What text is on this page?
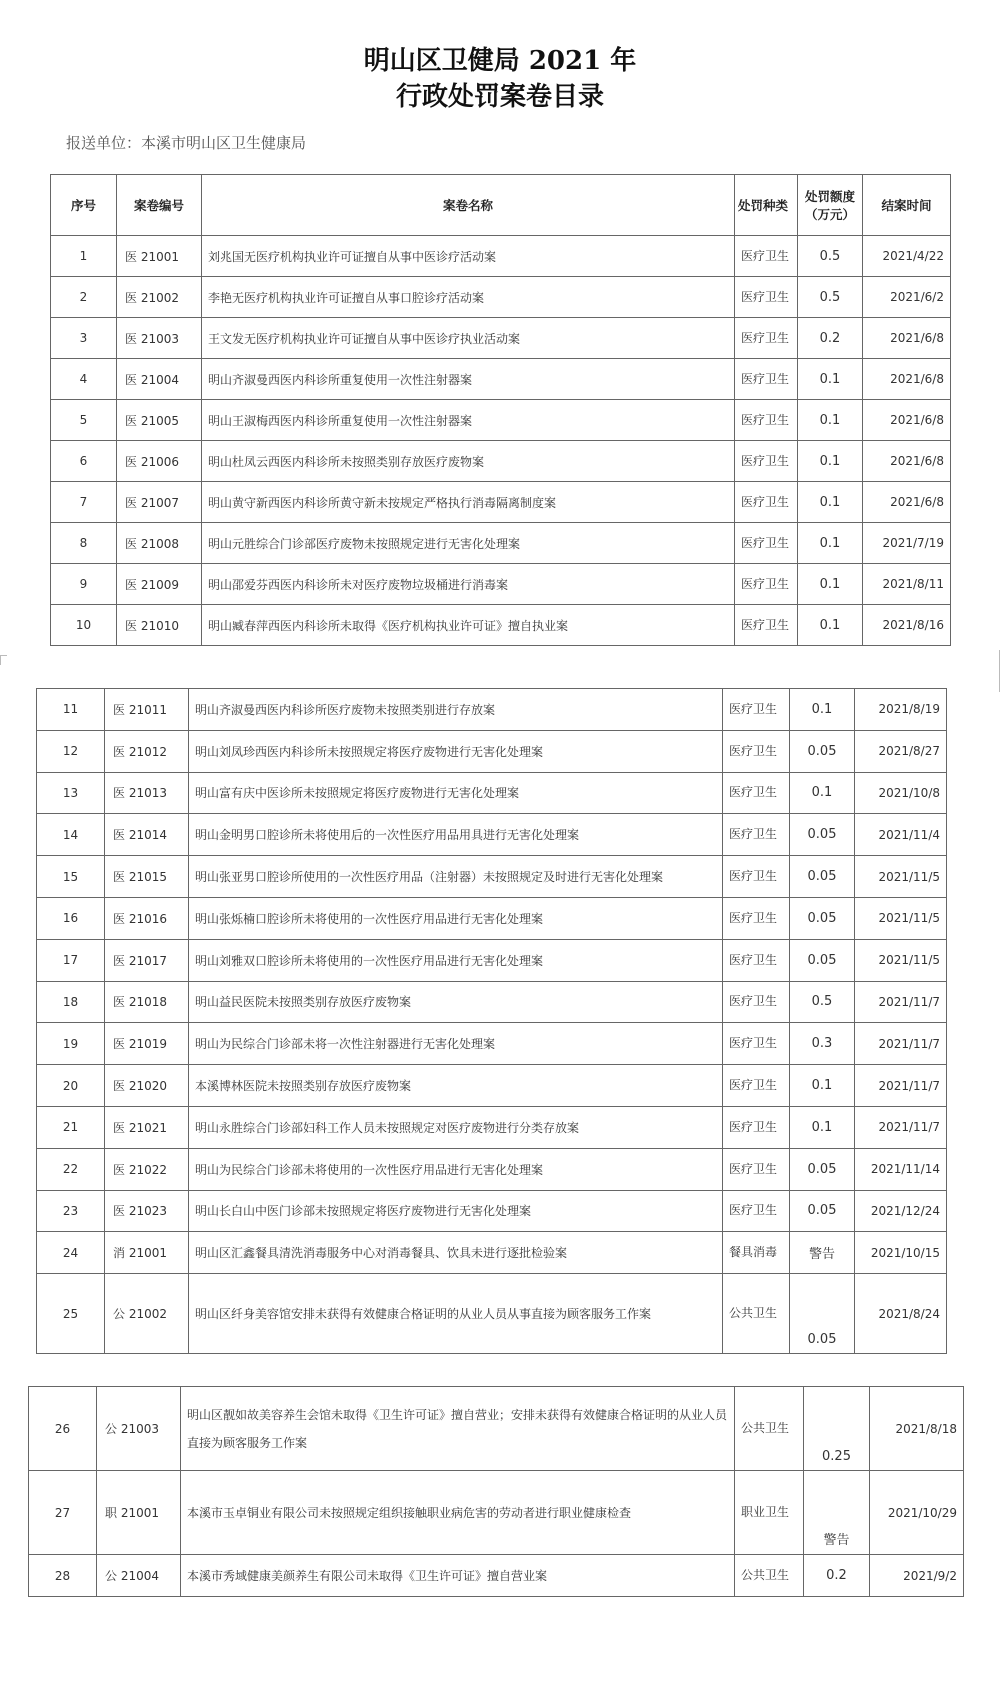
明山区卫健局 2021 年
行政处罚案卷目录
报送单位：本溪市明山区卫生健康局
序号	案卷编号	案卷名称	处罚种类	处罚额度（万元）	结案时间
1	医 21001	刘兆国无医疗机构执业许可证擅自从事中医诊疗活动案	医疗卫生	0.5	2021/4/22
2	医 21002	李艳无医疗机构执业许可证擅自从事口腔诊疗活动案	医疗卫生	0.5	2021/6/2
3	医 21003	王文发无医疗机构执业许可证擅自从事中医诊疗执业活动案	医疗卫生	0.2	2021/6/8
4	医 21004	明山齐淑曼西医内科诊所重复使用一次性注射器案	医疗卫生	0.1	2021/6/8
5	医 21005	明山王淑梅西医内科诊所重复使用一次性注射器案	医疗卫生	0.1	2021/6/8
6	医 21006	明山杜凤云西医内科诊所未按照类别存放医疗废物案	医疗卫生	0.1	2021/6/8
7	医 21007	明山黄守新西医内科诊所黄守新未按规定严格执行消毒隔离制度案	医疗卫生	0.1	2021/6/8
8	医 21008	明山元胜综合门诊部医疗废物未按照规定进行无害化处理案	医疗卫生	0.1	2021/7/19
9	医 21009	明山邵爱芬西医内科诊所未对医疗废物垃圾桶进行消毒案	医疗卫生	0.1	2021/8/11
10	医 21010	明山臧春萍西医内科诊所未取得《医疗机构执业许可证》擅自执业案	医疗卫生	0.1	2021/8/16
11	医 21011	明山齐淑曼西医内科诊所医疗废物未按照类别进行存放案	医疗卫生	0.1	2021/8/19
12	医 21012	明山刘凤珍西医内科诊所未按照规定将医疗废物进行无害化处理案	医疗卫生	0.05	2021/8/27
13	医 21013	明山富有庆中医诊所未按照规定将医疗废物进行无害化处理案	医疗卫生	0.1	2021/10/8
14	医 21014	明山金明男口腔诊所未将使用后的一次性医疗用品用具进行无害化处理案	医疗卫生	0.05	2021/11/4
15	医 21015	明山张亚男口腔诊所使用的一次性医疗用品（注射器）未按照规定及时进行无害化处理案	医疗卫生	0.05	2021/11/5
16	医 21016	明山张烁楠口腔诊所未将使用的一次性医疗用品进行无害化处理案	医疗卫生	0.05	2021/11/5
17	医 21017	明山刘雅双口腔诊所未将使用的一次性医疗用品进行无害化处理案	医疗卫生	0.05	2021/11/5
18	医 21018	明山益民医院未按照类别存放医疗废物案	医疗卫生	0.5	2021/11/7
19	医 21019	明山为民综合门诊部未将一次性注射器进行无害化处理案	医疗卫生	0.3	2021/11/7
20	医 21020	本溪博林医院未按照类别存放医疗废物案	医疗卫生	0.1	2021/11/7
21	医 21021	明山永胜综合门诊部妇科工作人员未按照规定对医疗废物进行分类存放案	医疗卫生	0.1	2021/11/7
22	医 21022	明山为民综合门诊部未将使用的一次性医疗用品进行无害化处理案	医疗卫生	0.05	2021/11/14
23	医 21023	明山长白山中医门诊部未按照规定将医疗废物进行无害化处理案	医疗卫生	0.05	2021/12/24
24	消 21001	明山区汇鑫餐具清洗消毒服务中心对消毒餐具、饮具未进行逐批检验案	餐具消毒	警告	2021/10/15
25	公 21002	明山区纤身美容馆安排未获得有效健康合格证明的从业人员从事直接为顾客服务工作案	公共卫生	0.05	2021/8/24
26	公 21003	明山区靓如故美容养生会馆未取得《卫生许可证》擅自营业；安排未获得有效健康合格证明的从业人员直接为顾客服务工作案	公共卫生	0.25	2021/8/18
27	职 21001	本溪市玉卓铜业有限公司未按照规定组织接触职业病危害的劳动者进行职业健康检查	职业卫生	警告	2021/10/29
28	公 21004	本溪市秀域健康美颜养生有限公司未取得《卫生许可证》擅自营业案	公共卫生	0.2	2021/9/2
